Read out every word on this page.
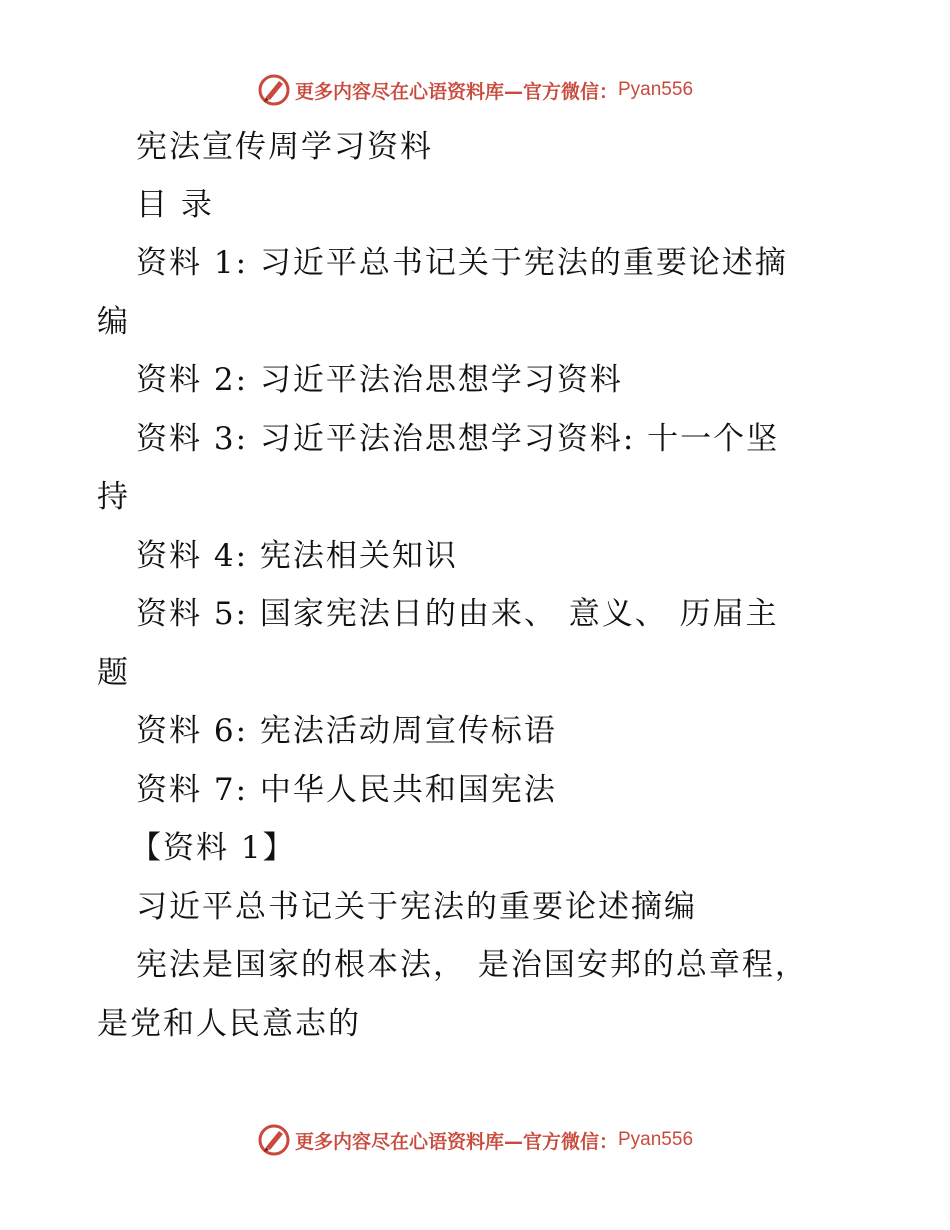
更多内容尽在心语资料库—官方微信： Pyan556
宪法宣传周学习资料
目 录
资料 1: 习近平总书记关于宪法的重要论述摘
编
资料 2: 习近平法治思想学习资料
资料 3: 习近平法治思想学习资料: 十一个坚
持
资料 4: 宪法相关知识
资料 5: 国家宪法日的由来、 意义、 历届主
题
资料 6: 宪法活动周宣传标语
资料 7: 中华人民共和国宪法
【资料 1】
习近平总书记关于宪法的重要论述摘编
宪法是国家的根本法， 是治国安邦的总章程，
是党和人民意志的
更多内容尽在心语资料库—官方微信： Pyan556
